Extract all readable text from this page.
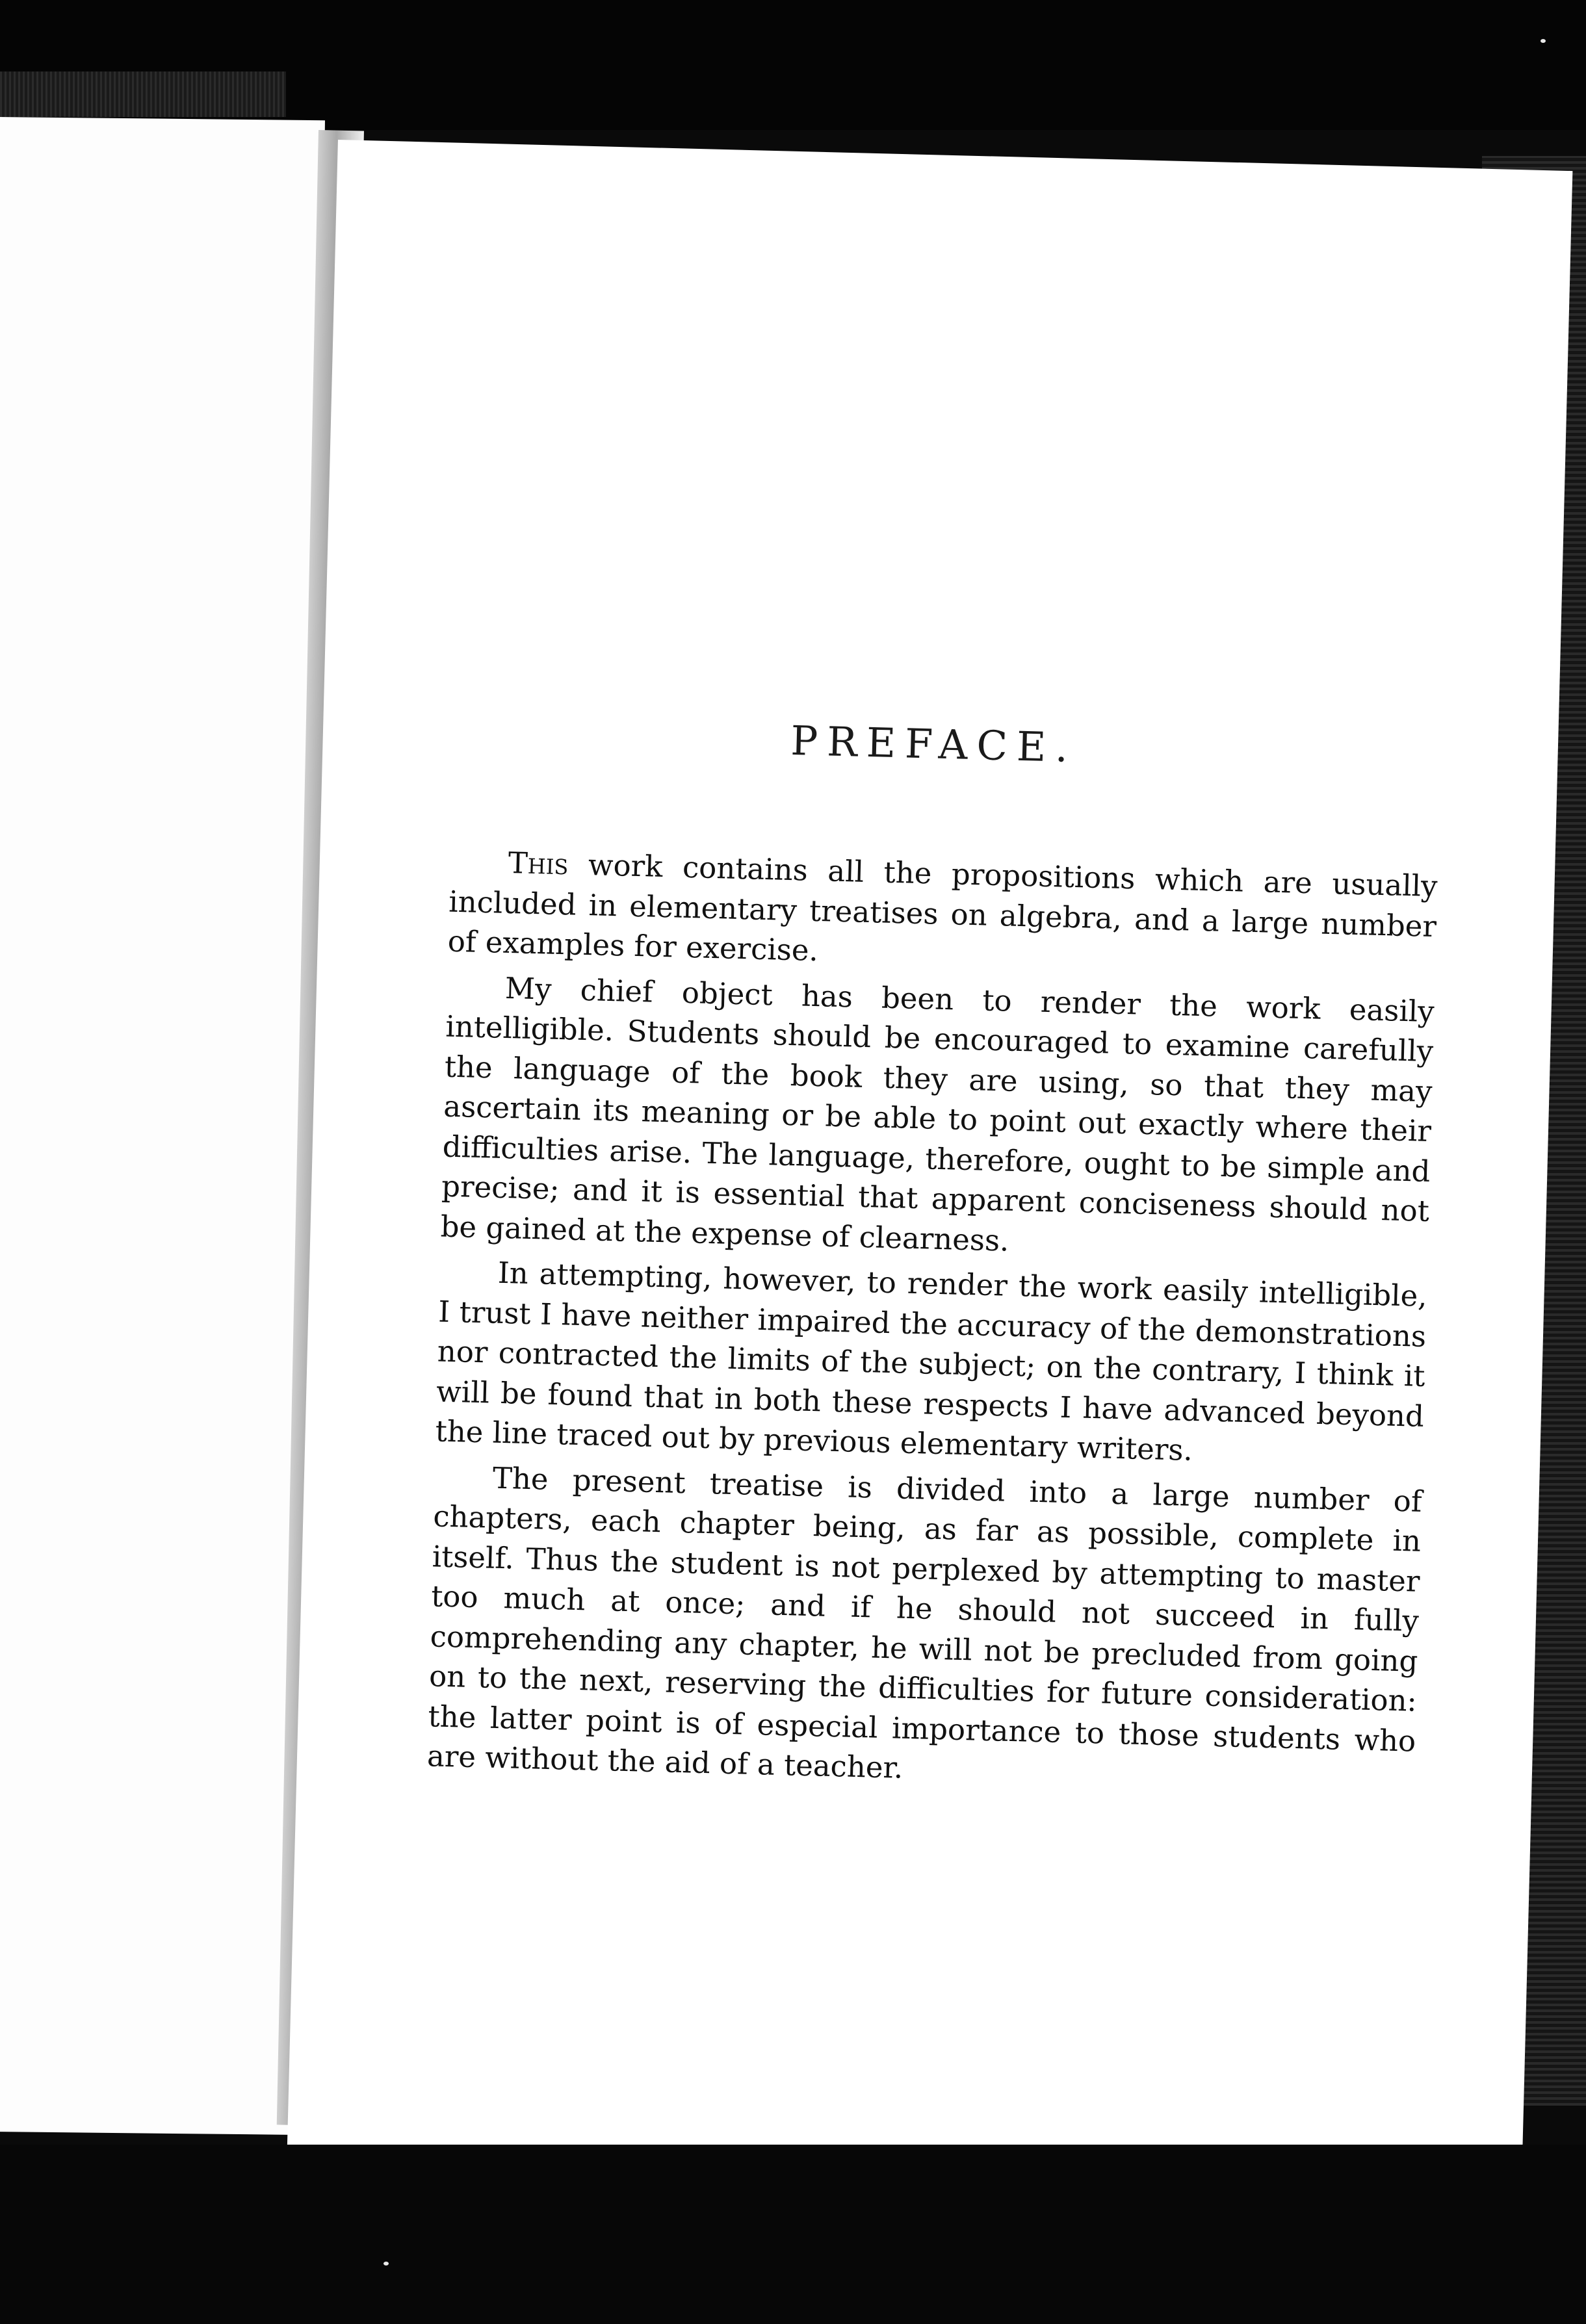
PREFACE.

This work contains all the propositions which are usually included in elementary treatises on algebra, and a large number of examples for exercise.

My chief object has been to render the work easily intelligible. Students should be encouraged to examine carefully the language of the book they are using, so that they may ascertain its meaning or be able to point out exactly where their difficulties arise. The language, therefore, ought to be simple and precise; and it is essential that apparent conciseness should not be gained at the expense of clearness.

In attempting, however, to render the work easily intelligible, I trust I have neither impaired the accuracy of the demonstrations nor contracted the limits of the subject; on the contrary, I think it will be found that in both these respects I have advanced beyond the line traced out by previous elementary writers.

The present treatise is divided into a large number of chapters, each chapter being, as far as possible, complete in itself. Thus the student is not perplexed by attempting to master too much at once; and if he should not succeed in fully comprehending any chapter, he will not be precluded from going on to the next, reserving the difficulties for future consideration: the latter point is of especial importance to those students who are without the aid of a teacher.
